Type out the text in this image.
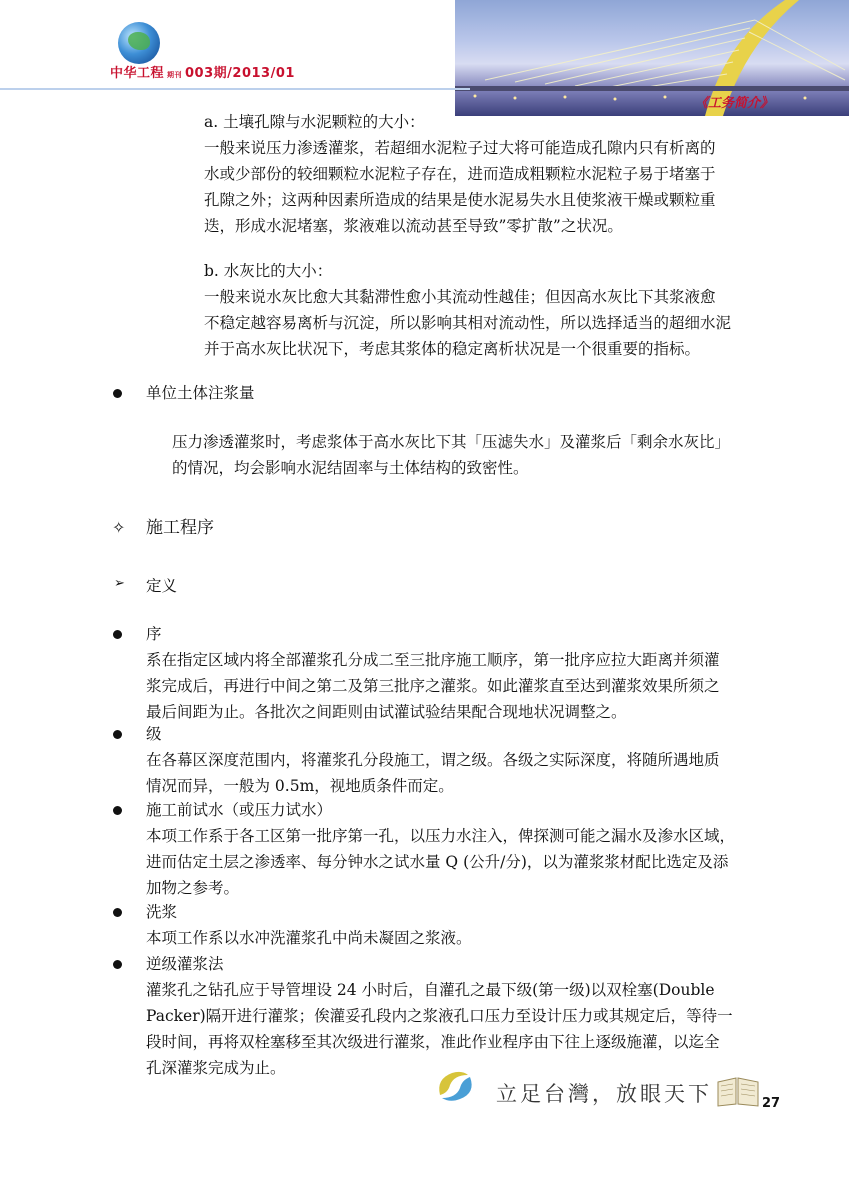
中华工程 期刊 003期/2013/01
《工务简介》
a. 土壤孔隙与水泥颗粒的大小：
一般来说压力渗透灌浆，若超细水泥粒子过大将可能造成孔隙内只有析离的
水或少部份的较细颗粒水泥粒子存在，进而造成粗颗粒水泥粒子易于堵塞于
孔隙之外；这两种因素所造成的结果是使水泥易失水且使浆液干燥或颗粒重
迭，形成水泥堵塞，浆液难以流动甚至导致”零扩散”之状况。
b. 水灰比的大小：
一般来说水灰比愈大其黏滞性愈小其流动性越佳；但因高水灰比下其浆液愈
不稳定越容易离析与沉淀，所以影响其相对流动性，所以选择适当的超细水泥
并于高水灰比状况下，考虑其浆体的稳定离析状况是一个很重要的指标。
单位土体注浆量
压力渗透灌浆时，考虑浆体于高水灰比下其「压滤失水」及灌浆后「剩余水灰比」
的情况，均会影响水泥结固率与土体结构的致密性。
✧ 施工程序
➢ 定义
序
系在指定区域内将全部灌浆孔分成二至三批序施工顺序，第一批序应拉大距离并须灌
浆完成后，再进行中间之第二及第三批序之灌浆。如此灌浆直至达到灌浆效果所须之
最后间距为止。各批次之间距则由试灌试验结果配合现地状况调整之。
级
在各幕区深度范围内，将灌浆孔分段施工，谓之级。各级之实际深度，将随所遇地质
情况而异，一般为 0.5m，视地质条件而定。
施工前试水（或压力试水）
本项工作系于各工区第一批序第一孔，以压力水注入，俾探测可能之漏水及渗水区域，
进而估定土层之渗透率、每分钟水之试水量 Q (公升/分)，以为灌浆浆材配比选定及添
加物之参考。
洗浆
本项工作系以水冲洗灌浆孔中尚未凝固之浆液。
逆级灌浆法
灌浆孔之钻孔应于导管埋设 24 小时后，自灌孔之最下级(第一级)以双栓塞(Double
Packer)隔开进行灌浆；俟灌妥孔段内之浆液孔口压力至设计压力或其规定后，等待一
段时间，再将双栓塞移至其次级进行灌浆，准此作业程序由下往上逐级施灌，以迄全
孔深灌浆完成为止。
立足台灣，放眼天下	27
